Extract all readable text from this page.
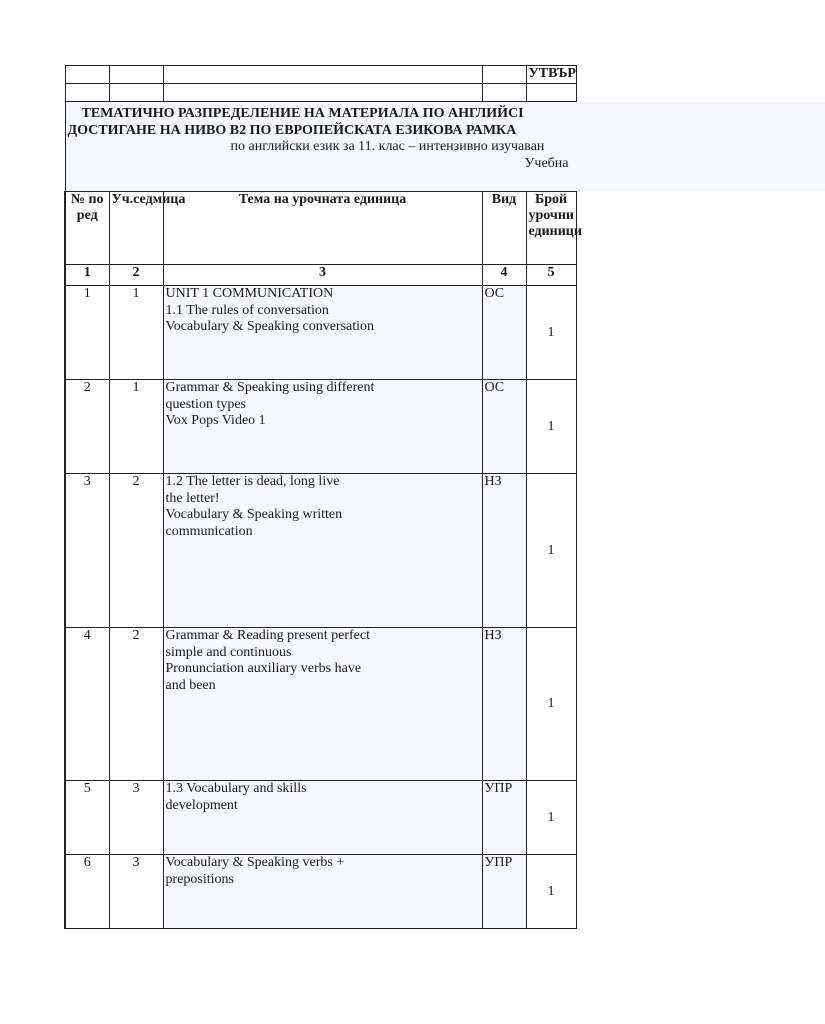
				УТВЪР	

ТЕМАТИЧНО РАЗПРЕДЕЛЕНИЕ НА МАТЕРИАЛА ПО АНГЛИЙСІ
ДОСТИГАНЕ НА НИВО B2 ПО ЕВРОПЕЙСКАТА ЕЗИКОВА РАМКА
по английски език за 11. клас – интензивно изучаван
Учебна					

№ по ред	Уч.седмица	Тема на урочната единица	Вид	Брой урочни единици	
1	2	3	4	5	
1	1	UNIT 1 COMMUNICATION
1.1 The rules of conversation
Vocabulary & Speaking conversation	ОС	1	
2	1	Grammar & Speaking using different
question types
Vox Pops Video 1	ОС	1	
3	2	1.2 The letter is dead, long live
the letter!
Vocabulary & Speaking written
communication	НЗ	1	
4	2	Grammar & Reading present perfect
simple and continuous
Pronunciation auxiliary verbs have
and been	НЗ	1	
5	3	1.3 Vocabulary and skills
development	УПР	1	
6	3	Vocabulary & Speaking verbs +
prepositions	УПР	1	
